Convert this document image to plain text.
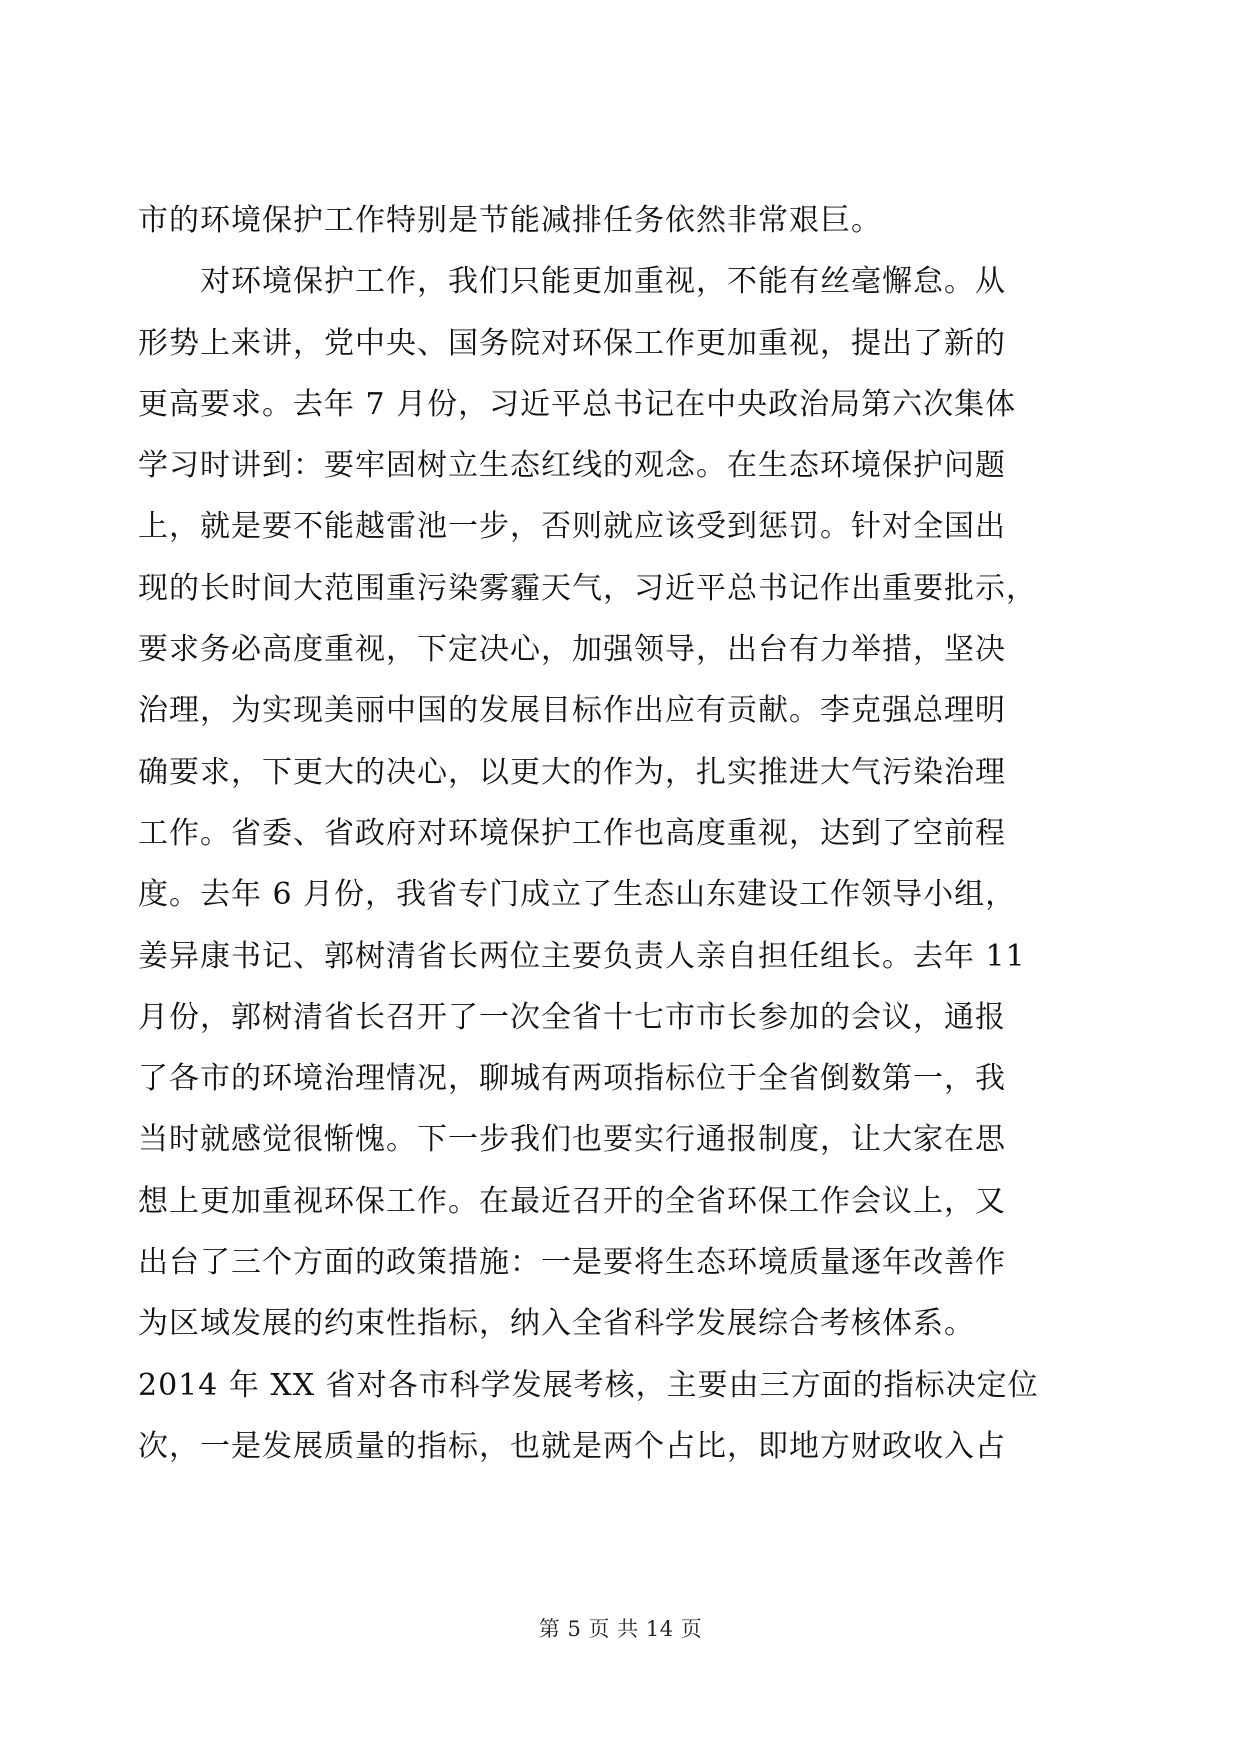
市的环境保护工作特别是节能减排任务依然非常艰巨。
对环境保护工作，我们只能更加重视，不能有丝毫懈怠。从
形势上来讲，党中央、国务院对环保工作更加重视，提出了新的
更高要求。去年 7 月份，习近平总书记在中央政治局第六次集体
学习时讲到：要牢固树立生态红线的观念。在生态环境保护问题
上，就是要不能越雷池一步，否则就应该受到惩罚。针对全国出
现的长时间大范围重污染雾霾天气，习近平总书记作出重要批示，
要求务必高度重视，下定决心，加强领导，出台有力举措，坚决
治理，为实现美丽中国的发展目标作出应有贡献。李克强总理明
确要求，下更大的决心，以更大的作为，扎实推进大气污染治理
工作。省委、省政府对环境保护工作也高度重视，达到了空前程
度。去年 6 月份，我省专门成立了生态山东建设工作领导小组，
姜异康书记、郭树清省长两位主要负责人亲自担任组长。去年 11
月份，郭树清省长召开了一次全省十七市市长参加的会议，通报
了各市的环境治理情况，聊城有两项指标位于全省倒数第一，我
当时就感觉很惭愧。下一步我们也要实行通报制度，让大家在思
想上更加重视环保工作。在最近召开的全省环保工作会议上，又
出台了三个方面的政策措施：一是要将生态环境质量逐年改善作
为区域发展的约束性指标，纳入全省科学发展综合考核体系。
2014 年 XX 省对各市科学发展考核，主要由三方面的指标决定位
次，一是发展质量的指标，也就是两个占比，即地方财政收入占
第 5 页 共 14 页
